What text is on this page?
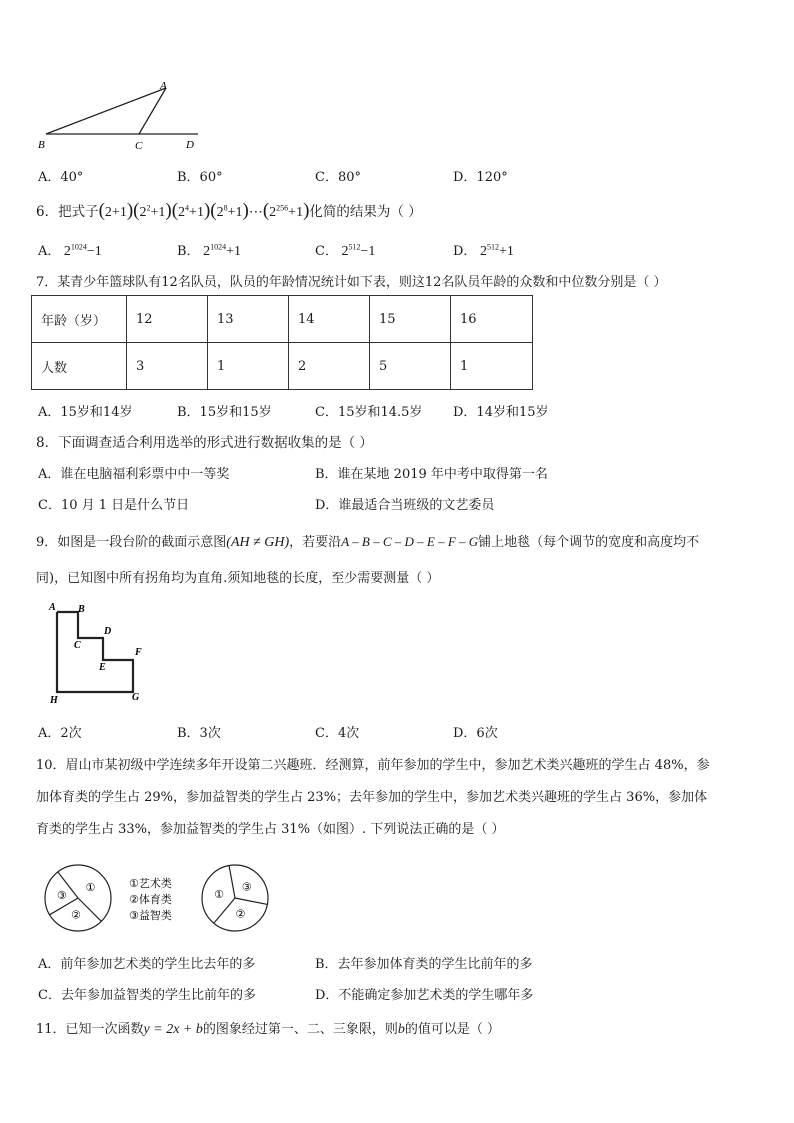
A
B	C	D
A．40°	B．60°	C．80°	D．120°
6．把式子$(2+1)(2^2+1)(2^4+1)(2^8+1)\cdots(2^{256}+1)$化简的结果为（ ）
A． $2^{1024}-1$	B． $2^{1024}+1$	C． $2^{512}-1$	D． $2^{512}+1$
7．某青少年篮球队有12名队员，队员的年龄情况统计如下表，则这12名队员年龄的众数和中位数分别是（ ）
年龄（岁）	12	13	14	15	16
人数	3	1	2	5	1
A．15岁和14岁	B．15岁和15岁	C．15岁和14.5岁 D．14岁和15岁
8．下面调查适合利用选举的形式进行数据收集的是（ ）
A．谁在电脑福利彩票中中一等奖	B．谁在某地 2019 年中考中取得第一名
C．10 月 1 日是什么节日	D．谁最适合当班级的文艺委员
9．如图是一段台阶的截面示意图(AH ≠ GH)，若要沿A – B – C – D – E – F – G铺上地毯（每个调节的宽度和高度均不
同)，已知图中所有拐角均为直角.须知地毯的长度，至少需要测量（ ）
A B
C
D
E
F
H	G
A．2次	B．3次	C．4次	D．6次
10．眉山市某初级中学连续多年开设第二兴趣班．经测算，前年参加的学生中，参加艺术类兴趣班的学生占 48%，参
加体育类的学生占 29%，参加益智类的学生占 23%；去年参加的学生中，参加艺术类兴趣班的学生占 36%，参加体
育类的学生占 33%，参加益智类的学生占 31%（如图）. 下列说法正确的是（ ）
①
③
②
①
③
②
①艺术类
②体育类
③益智类
A．前年参加艺术类的学生比去年的多	B．去年参加体育类的学生比前年的多
C．去年参加益智类的学生比前年的多	D．不能确定参加艺术类的学生哪年多
11．已知一次函数y = 2x + b的图象经过第一、二、三象限，则b的值可以是（ ）
